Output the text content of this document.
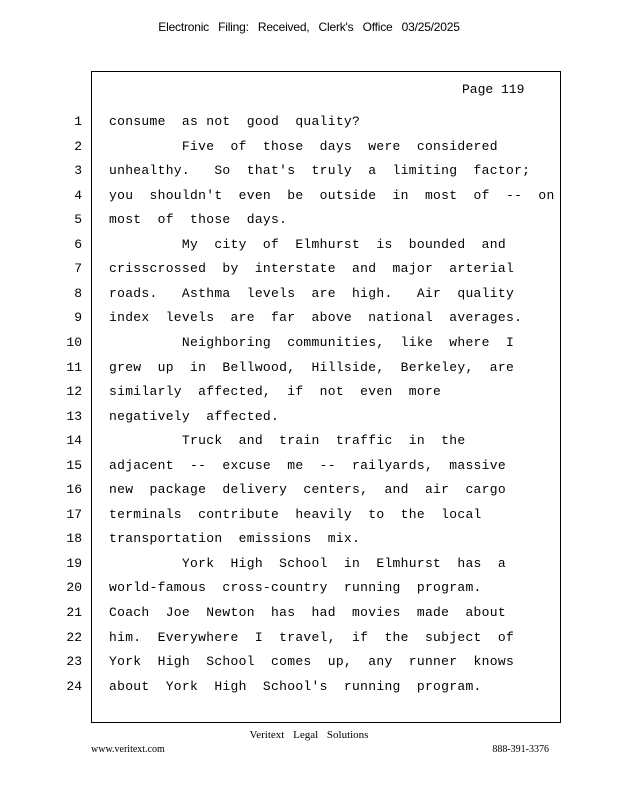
Electronic Filing: Received, Clerk's Office 03/25/2025
Page 119
1 consume  as not  good  quality?
2 Five  of  those  days  were  considered
3 unhealthy.   So  that's  truly  a  limiting  factor;
4 you  shouldn't  even  be  outside  in  most  of  --  on
5 most  of  those  days.
6 My  city  of  Elmhurst  is  bounded  and
7 crisscrossed  by  interstate  and  major  arterial
8 roads.   Asthma  levels  are  high.   Air  quality
9 index  levels  are  far  above  national  averages.
10 Neighboring  communities,  like  where  I
11 grew  up  in  Bellwood,  Hillside,  Berkeley,  are
12 similarly  affected,  if  not  even  more
13 negatively  affected.
14 Truck  and  train  traffic  in  the
15 adjacent  --  excuse  me  --  railyards,  massive
16 new  package  delivery  centers,  and  air  cargo
17 terminals  contribute  heavily  to  the  local
18 transportation  emissions  mix.
19 York  High  School  in  Elmhurst  has  a
20 world-famous  cross-country  running  program.
21 Coach  Joe  Newton  has  had  movies  made  about
22 him.  Everywhere  I  travel,  if  the  subject  of
23 York  High  School  comes  up,  any  runner  knows
24 about  York  High  School's  running  program.
Veritext Legal Solutions
www.veritext.com	888-391-3376
